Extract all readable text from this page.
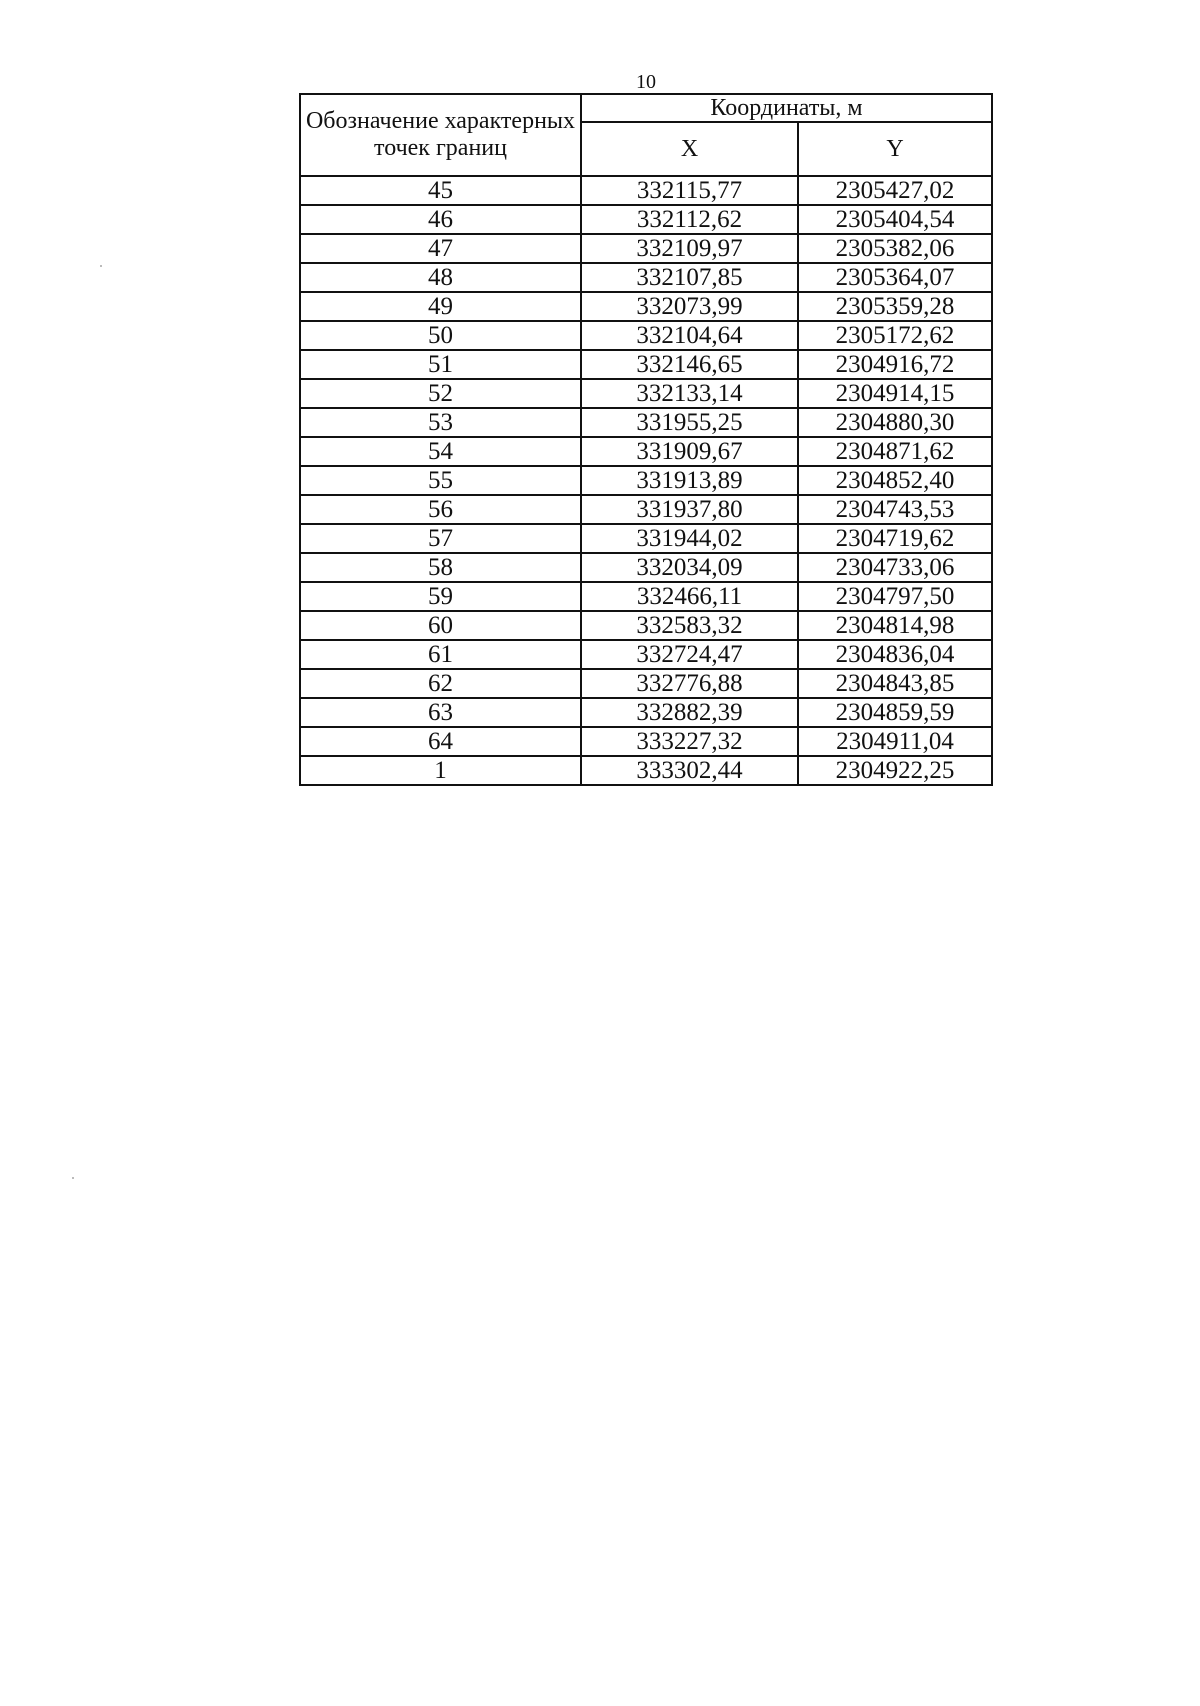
10
Обозначение характерных точек границ	Координаты, м	
	X	Y
45	332115,77	2305427,02
46	332112,62	2305404,54
47	332109,97	2305382,06
48	332107,85	2305364,07
49	332073,99	2305359,28
50	332104,64	2305172,62
51	332146,65	2304916,72
52	332133,14	2304914,15
53	331955,25	2304880,30
54	331909,67	2304871,62
55	331913,89	2304852,40
56	331937,80	2304743,53
57	331944,02	2304719,62
58	332034,09	2304733,06
59	332466,11	2304797,50
60	332583,32	2304814,98
61	332724,47	2304836,04
62	332776,88	2304843,85
63	332882,39	2304859,59
64	333227,32	2304911,04
1	333302,44	2304922,25
